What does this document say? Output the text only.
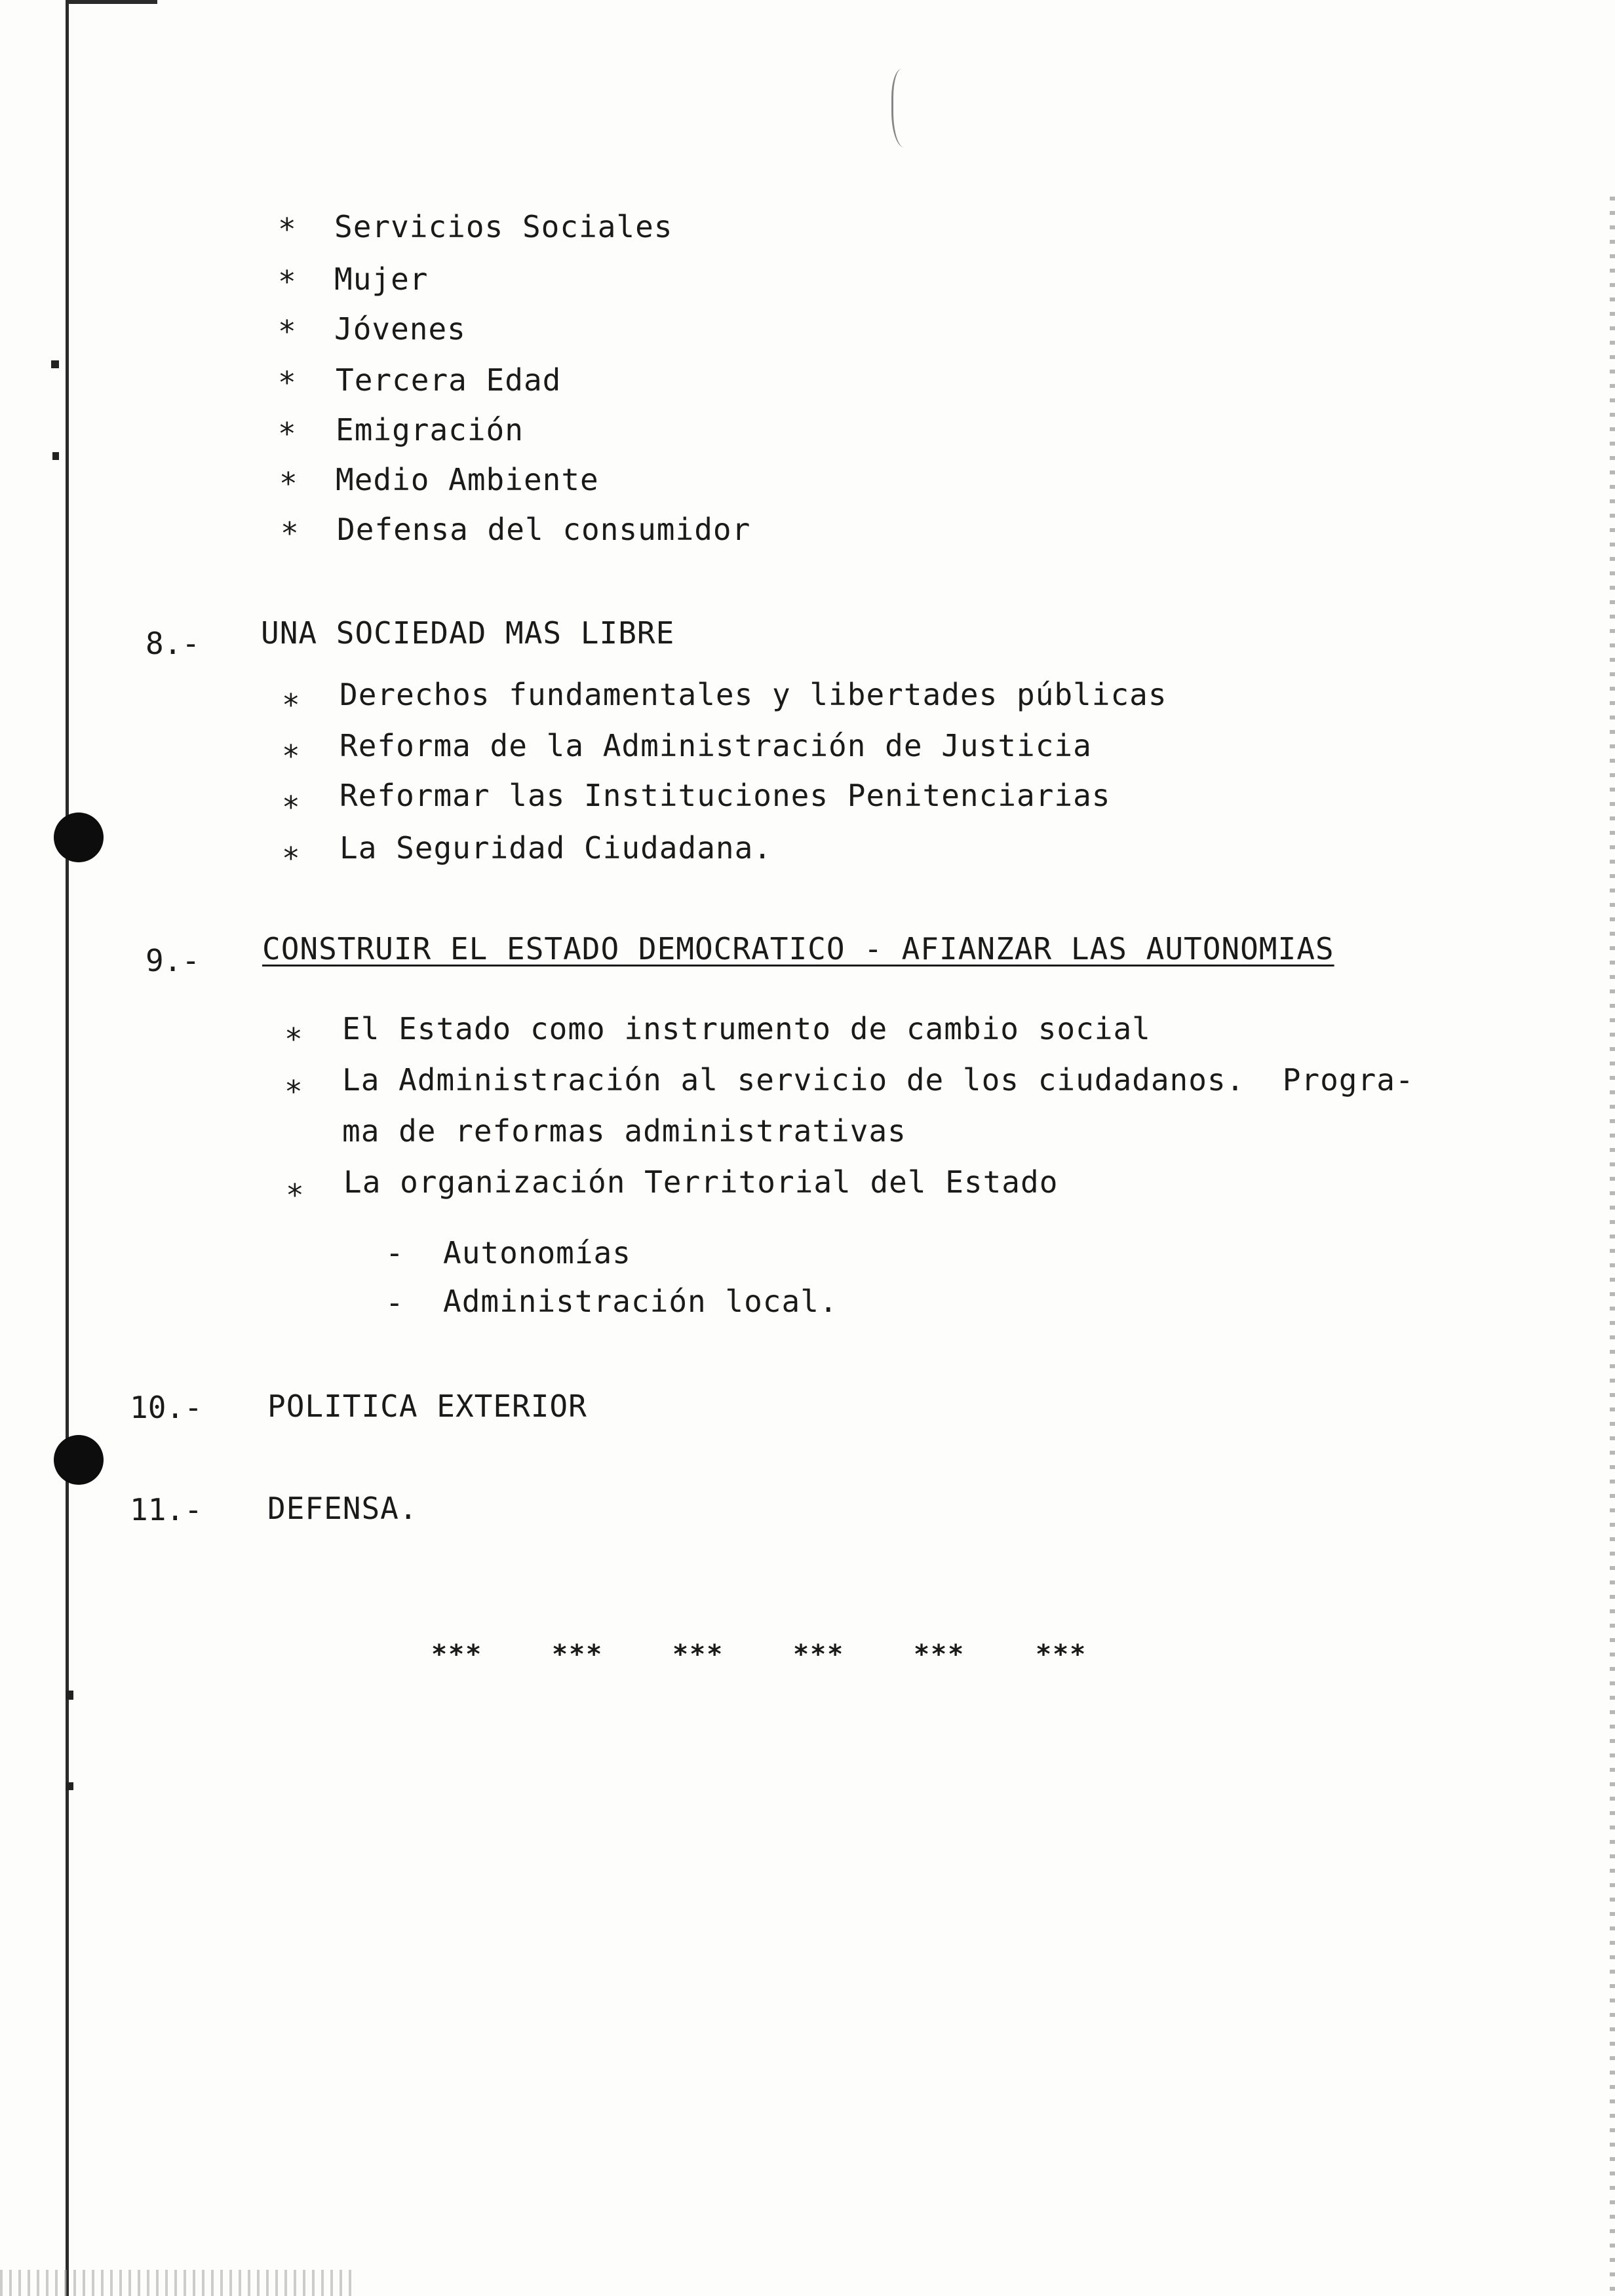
* Servicios Sociales
* Mujer
* Jóvenes
* Tercera Edad
* Emigración
* Medio Ambiente
* Defensa del consumidor
8.- UNA SOCIEDAD MAS LIBRE
* Derechos fundamentales y libertades públicas
* Reforma de la Administración de Justicia
* Reformar las Instituciones Penitenciarias
* La Seguridad Ciudadana.
9.- CONSTRUIR EL ESTADO DEMOCRATICO - AFIANZAR LAS AUTONOMIAS
* El Estado como instrumento de cambio social
* La Administración al servicio de los ciudadanos.  Progra-
ma de reformas administrativas
* La organización Territorial del Estado
- Autonomías
- Administración local.
10.- POLITICA EXTERIOR
11.- DEFENSA.
***	***	***	***	***	***
